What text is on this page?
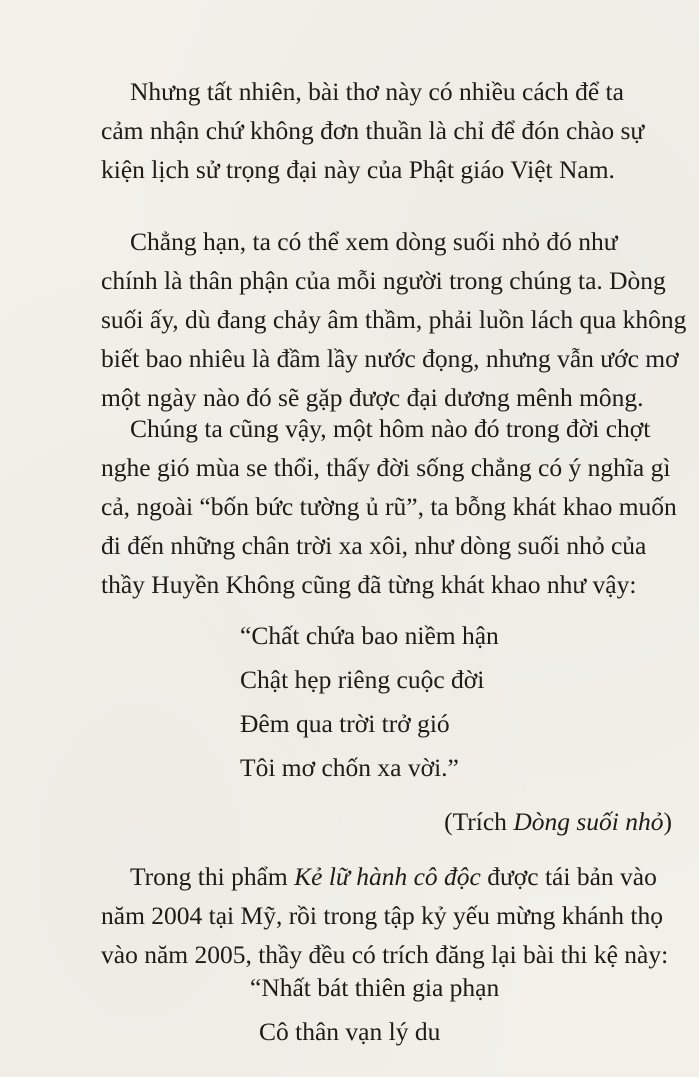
Nhưng tất nhiên, bài thơ này có nhiều cách để ta
cảm nhận chứ không đơn thuần là chỉ để đón chào sự
kiện lịch sử trọng đại này của Phật giáo Việt Nam.

Chẳng hạn, ta có thể xem dòng suối nhỏ đó như
chính là thân phận của mỗi người trong chúng ta. Dòng
suối ấy, dù đang chảy âm thầm, phải luồn lách qua không
biết bao nhiêu là đầm lầy nước đọng, nhưng vẫn ước mơ
một ngày nào đó sẽ gặp được đại dương mênh mông.

Chúng ta cũng vậy, một hôm nào đó trong đời chợt
nghe gió mùa se thổi, thấy đời sống chẳng có ý nghĩa gì
cả, ngoài “bốn bức tường ủ rũ”, ta bỗng khát khao muốn
đi đến những chân trời xa xôi, như dòng suối nhỏ của
thầy Huyền Không cũng đã từng khát khao như vậy:

“Chất chứa bao niềm hận
Chật hẹp riêng cuộc đời
Đêm qua trời trở gió
Tôi mơ chốn xa vời.”

(Trích Dòng suối nhỏ)

Trong thi phẩm Kẻ lữ hành cô độc được tái bản vào
năm 2004 tại Mỹ, rồi trong tập kỷ yếu mừng khánh thọ
vào năm 2005, thầy đều có trích đăng lại bài thi kệ này:

“Nhất bát thiên gia phạn
Cô thân vạn lý du
